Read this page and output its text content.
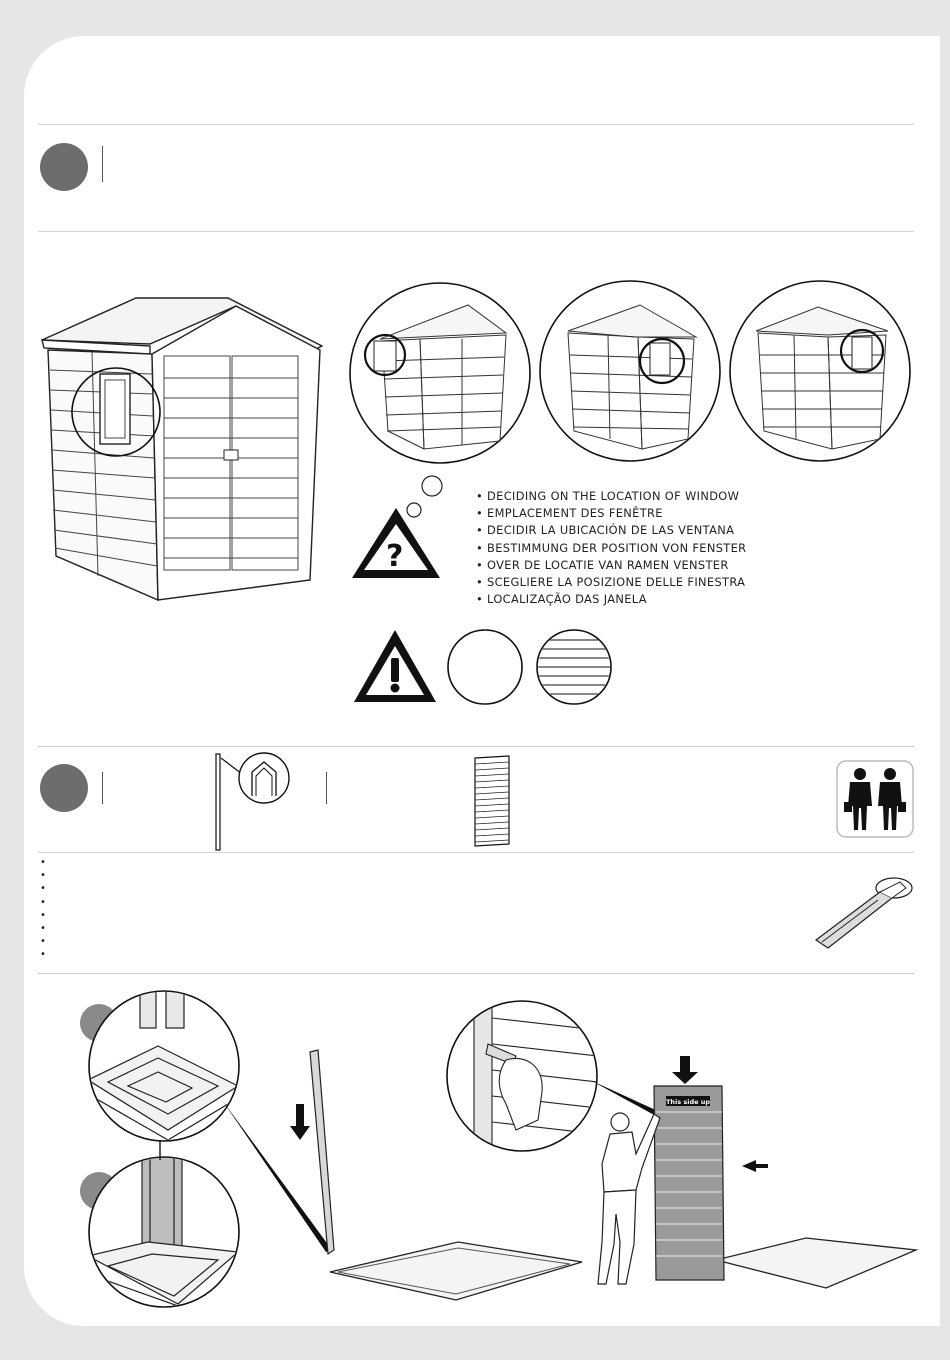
?
• DECIDING ON THE LOCATION OF WINDOW
• EMPLACEMENT DES FENÊTRE
• DECIDIR LA UBICACIÓN DE LAS VENTANA
• BESTIMMUNG DER POSITION VON FENSTER
• OVER DE LOCATIE VAN RAMEN VENSTER
• SCEGLIERE LA POSIZIONE DELLE FINESTRA
• LOCALIZAÇÃO DAS JANELA
•
•
•
•
•
•
•
•
This side up
